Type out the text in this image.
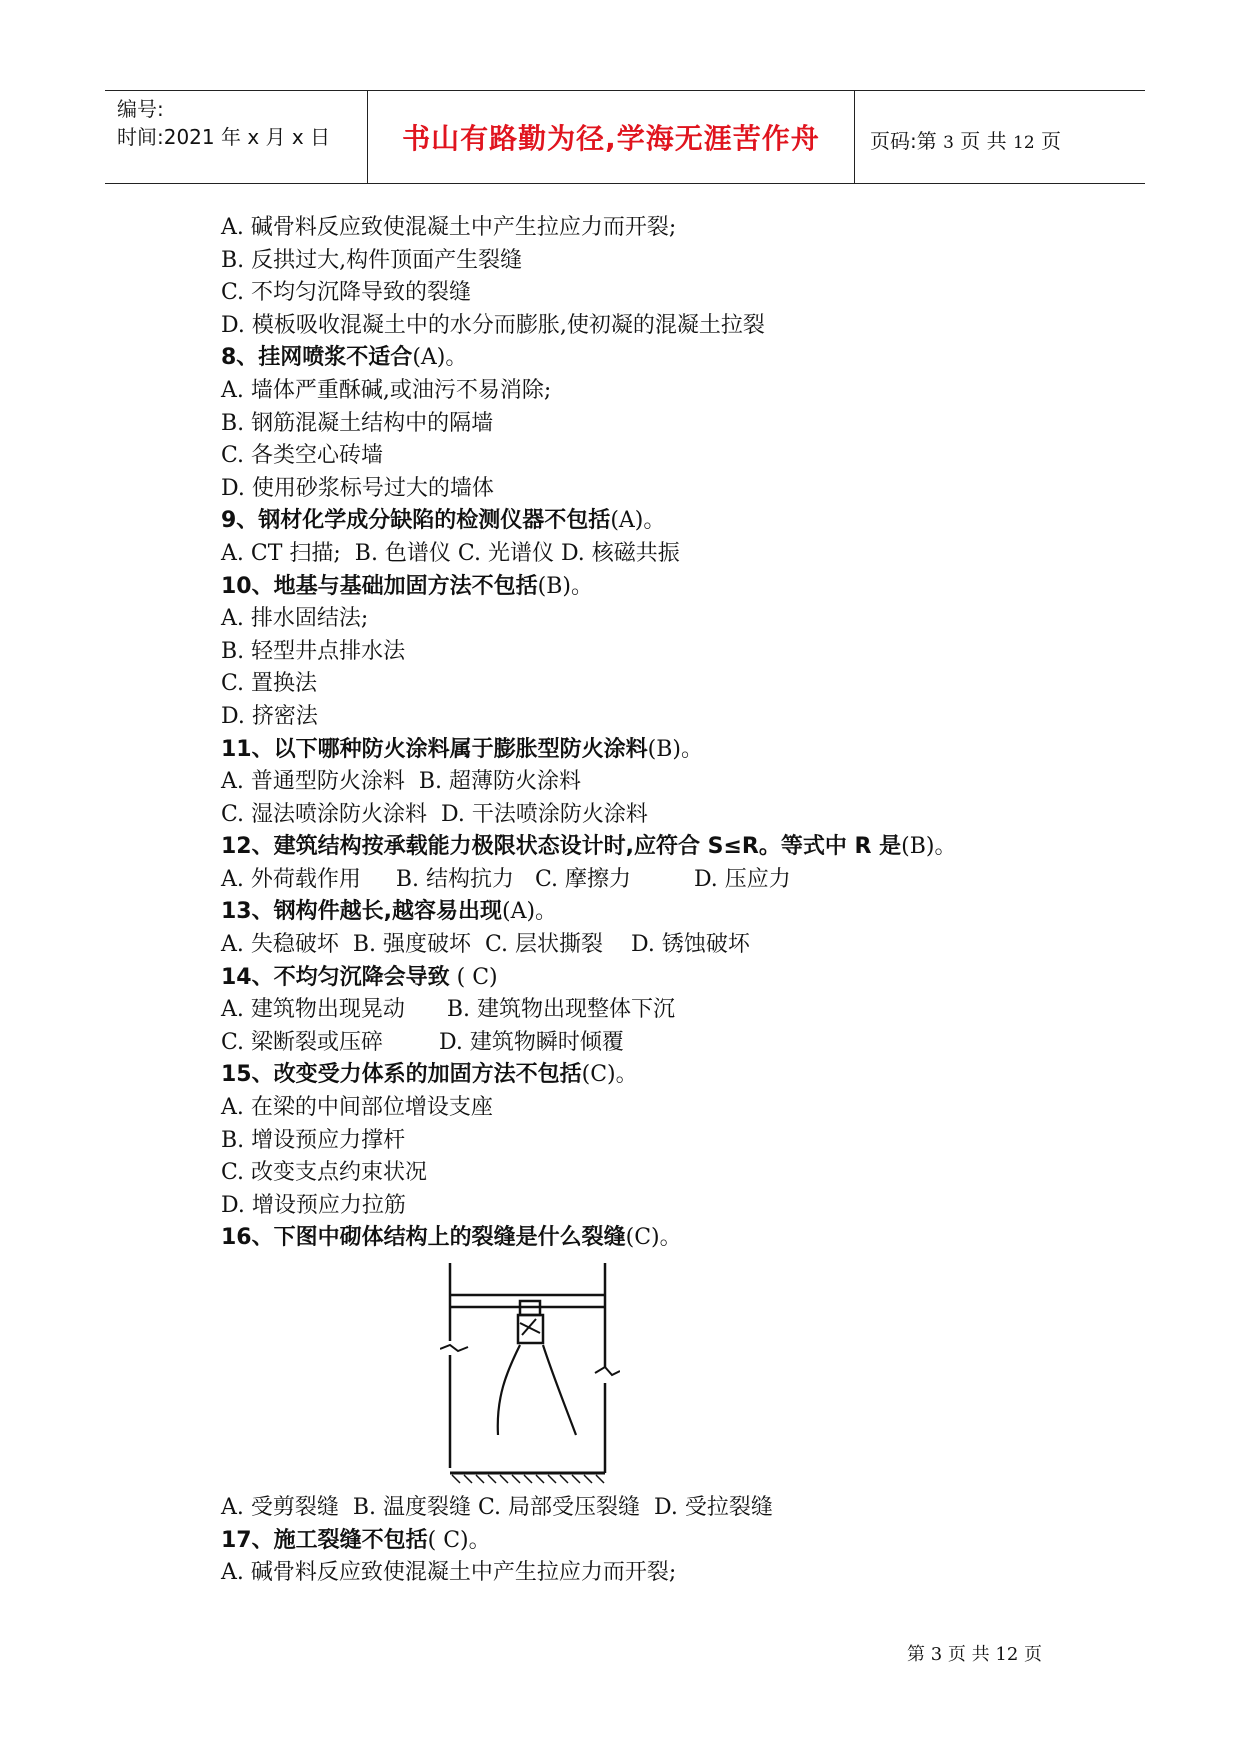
编号:
时间:2021 年 x 月 x 日	书山有路勤为径,学海无涯苦作舟	页码:第 3 页 共 12 页
A. 碱骨料反应致使混凝土中产生拉应力而开裂;
B. 反拱过大,构件顶面产生裂缝
C. 不均匀沉降导致的裂缝
D. 模板吸收混凝土中的水分而膨胀,使初凝的混凝土拉裂
8、挂网喷浆不适合(A)。
A. 墙体严重酥碱,或油污不易消除;
B. 钢筋混凝土结构中的隔墙
C. 各类空心砖墙
D. 使用砂浆标号过大的墙体
9、钢材化学成分缺陷的检测仪器不包括(A)。
A. CT 扫描;  B. 色谱仪 C. 光谱仪 D. 核磁共振
10、地基与基础加固方法不包括(B)。
A. 排水固结法;
B. 轻型井点排水法
C. 置换法
D. 挤密法
11、以下哪种防火涂料属于膨胀型防火涂料(B)。
A. 普通型防火涂料  B. 超薄防火涂料
C. 湿法喷涂防火涂料  D. 干法喷涂防火涂料
12、建筑结构按承载能力极限状态设计时,应符合 S≤R。等式中 R 是(B)。
A. 外荷载作用     B. 结构抗力   C. 摩擦力         D. 压应力
13、钢构件越长,越容易出现(A)。
A. 失稳破坏  B. 强度破坏  C. 层状撕裂    D. 锈蚀破坏
14、不均匀沉降会导致 ( C)
A. 建筑物出现晃动      B. 建筑物出现整体下沉
C. 梁断裂或压碎        D. 建筑物瞬时倾覆
15、改变受力体系的加固方法不包括(C)。
A. 在梁的中间部位增设支座
B. 增设预应力撑杆
C. 改变支点约束状况
D. 增设预应力拉筋
16、下图中砌体结构上的裂缝是什么裂缝(C)。
A. 受剪裂缝  B. 温度裂缝 C. 局部受压裂缝  D. 受拉裂缝
17、施工裂缝不包括( C)。
A. 碱骨料反应致使混凝土中产生拉应力而开裂;
第 3 页 共 12 页
